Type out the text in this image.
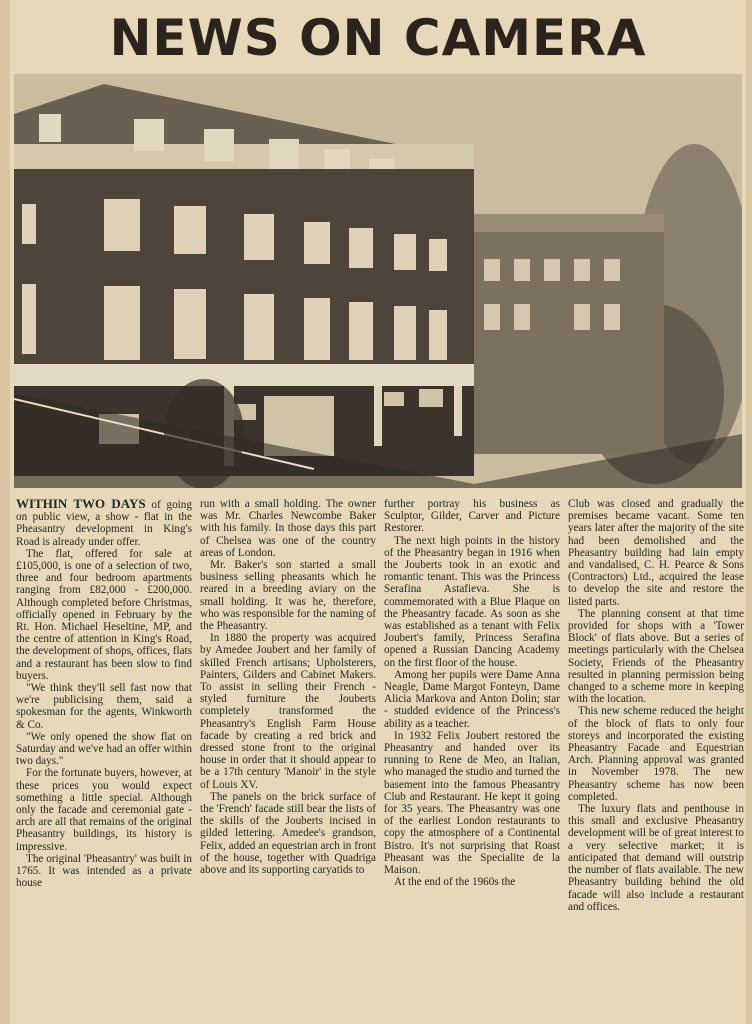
NEWS ON CAMERA

WITHIN TWO DAYS of going on public view, a show - flat in the Pheasantry development in King's Road is already under offer.

The flat, offered for sale at £105,000, is one of a selection of two, three and four bedroom apartments ranging from £82,000 - £200,000. Although completed before Christmas, officially opened in February by the Rt. Hon. Michael Heseltine, MP, and the centre of attention in King's Road, the development of shops, offices, flats and a restaurant has been slow to find buyers.

"We think they'll sell fast now that we're publicising them, said a spokesman for the agents, Winkworth & Co.

"We only opened the show flat on Saturday and we've had an offer within two days."

For the fortunate buyers, however, at these prices you would expect something a little special. Although only the facade and ceremonial gate - arch are all that remains of the original Pheasantry buildings, its history is impressive.

The original 'Pheasantry' was built in 1765. It was intended as a private house

run with a small holding. The owner was Mr. Charles Newcombe Baker with his family. In those days this part of Chelsea was one of the country areas of London.

Mr. Baker's son started a small business selling pheasants which he reared in a breeding aviary on the small holding. It was he, therefore, who was responsible for the naming of the Pheasantry.

In 1880 the property was acquired by Amedee Joubert and her family of skilled French artisans; Upholsterers, Painters, Gilders and Cabinet Makers. To assist in selling their French - styled furniture the Jouberts completely transformed the Pheasantry's English Farm House facade by creating a red brick and dressed stone front to the original house in order that it should appear to be a 17th century 'Manoir' in the style of Louis XV.

The panels on the brick surface of the 'French' facade still bear the lists of the skills of the Jouberts incised in gilded lettering. Amedee's grandson, Felix, added an equestrian arch in front of the house, together with Quadriga above and its supporting caryatids to

further portray his business as Sculptor, Gilder, Carver and Picture Restorer.

The next high points in the history of the Pheasantry began in 1916 when the Jouberts took in an exotic and romantic tenant. This was the Princess Serafina Astafieva. She is commemorated with a Blue Plaque on the Pheasantry facade. As soon as she was established as a tenant with Felix Joubert's family, Princess Serafina opened a Russian Dancing Academy on the first floor of the house.

Among her pupils were Dame Anna Neagle, Dame Margot Fonteyn, Dame Alicia Markova and Anton Dolin; star - studded evidence of the Princess's ability as a teacher.

In 1932 Felix Joubert restored the Pheasantry and handed over its running to Rene de Meo, an Italian, who managed the studio and turned the basement into the famous Pheasantry Club and Restaurant. He kept it going for 35 years. The Pheasantry was one of the earliest London restaurants to copy the atmosphere of a Continental Bistro. It's not surprising that Roast Pheasant was the Specialite de la Maison.

At the end of the 1960s the

Club was closed and gradually the premises became vacant. Some ten years later after the majority of the site had been demolished and the Pheasantry building had lain empty and vandalised, C. H. Pearce & Sons (Contractors) Ltd., acquired the lease to develop the site and restore the listed parts.

The planning consent at that time provided for shops with a 'Tower Block' of flats above. But a series of meetings particularly with the Chelsea Society, Friends of the Pheasantry resulted in planning permission being changed to a scheme more in keeping with the location.

This new scheme reduced the height of the block of flats to only four storeys and incorporated the existing Pheasantry Facade and Equestrian Arch. Planning approval was granted in November 1978. The new Pheasantry scheme has now been completed.

The luxury flats and penthouse in this small and exclusive Pheasantry development will be of great interest to a very selective market; it is anticipated that demand will outstrip the number of flats available. The new Pheasantry building behind the old facade will also include a restaurant and offices.
